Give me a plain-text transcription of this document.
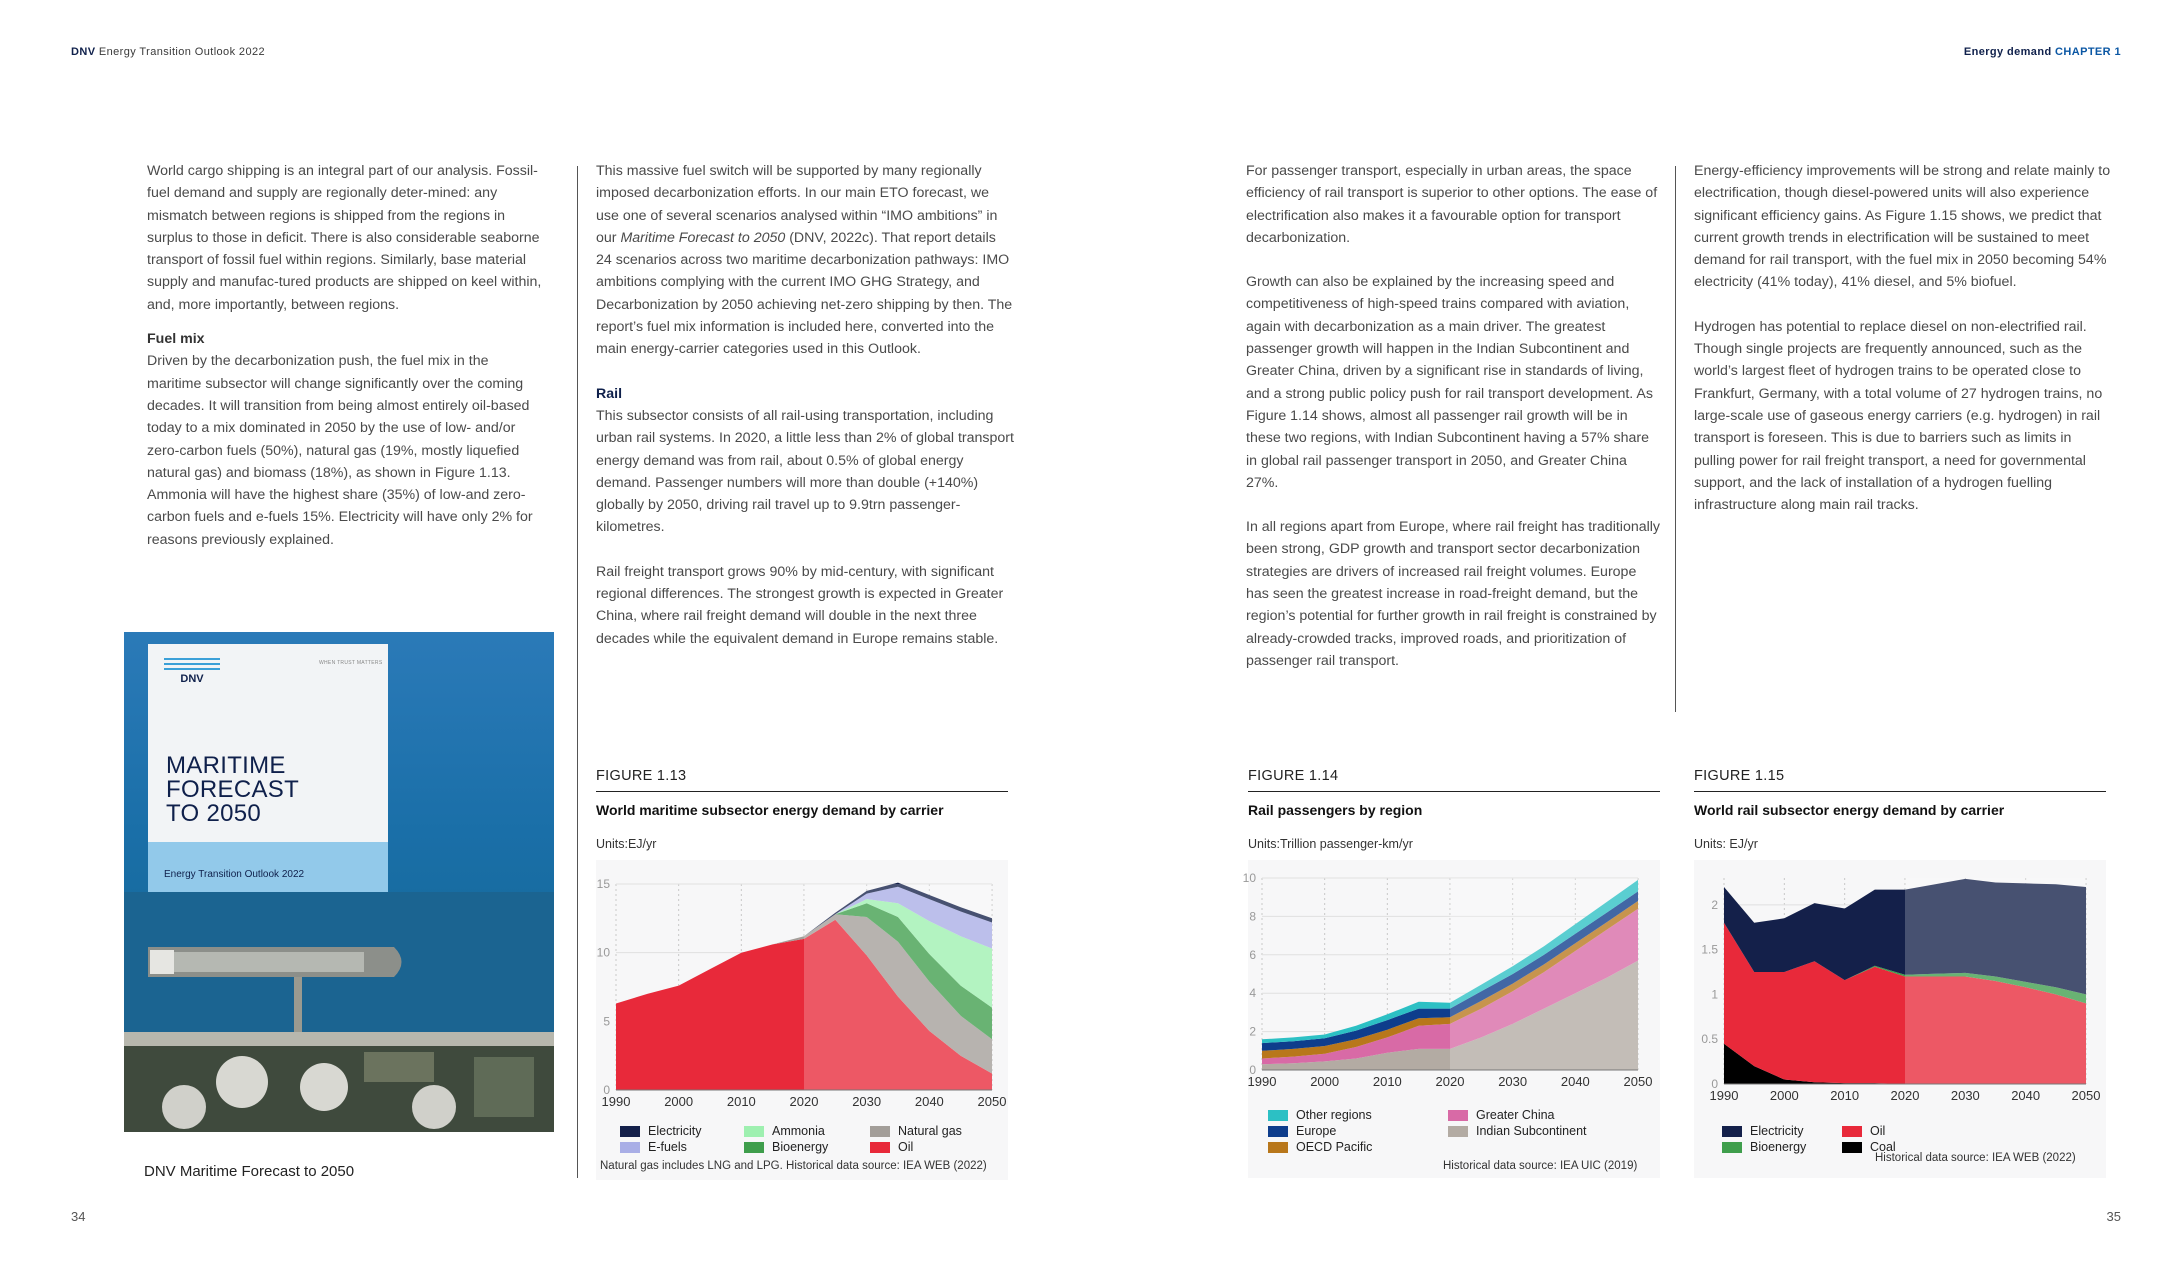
DNV Energy Transition Outlook 2022	Energy demand CHAPTER 1

World cargo shipping is an integral part of our analysis. Fossil-fuel demand and supply are regionally deter-mined: any mismatch between regions is shipped from the regions in surplus to those in deficit. There is also considerable seaborne transport of fossil fuel within regions. Similarly, base material supply and manufac-tured products are shipped on keel within, and, more importantly, between regions.

Fuel mix

Driven by the decarbonization push, the fuel mix in the maritime subsector will change significantly over the coming decades. It will transition from being almost entirely oil-based today to a mix dominated in 2050 by the use of low- and/or zero-carbon fuels (50%), natural gas (19%, mostly liquefied natural gas) and biomass (18%), as shown in Figure 1.13. Ammonia will have the highest share (35%) of low-and zero-carbon fuels and e-fuels 15%. Electricity will have only 2% for reasons previously explained.

DNV
WHEN TRUST MATTERS
MARITIME
FORECAST
TO 2050
Energy Transition Outlook 2022
DNV Maritime Forecast to 2050

This massive fuel switch will be supported by many regionally imposed decarbonization efforts. In our main ETO forecast, we use one of several scenarios analysed within “IMO ambitions” in our Maritime Forecast to 2050 (DNV, 2022c). That report details 24 scenarios across two maritime decarbonization pathways: IMO ambitions complying with the current IMO GHG Strategy, and Decarbonization by 2050 achieving net-zero shipping by then. The report’s fuel mix information is included here, converted into the main energy-carrier categories used in this Outlook.

Rail

This subsector consists of all rail-using transportation, including urban rail systems. In 2020, a little less than 2% of global transport energy demand was from rail, about 0.5% of global energy demand. Passenger numbers will more than double (+140%) globally by 2050, driving rail travel up to 9.9trn passenger-kilometres.

Rail freight transport grows 90% by mid-century, with significant regional differences. The strongest growth is expected in Greater China, where rail freight demand will double in the next three decades while the equivalent demand in Europe remains stable.

For passenger transport, especially in urban areas, the space efficiency of rail transport is superior to other options. The ease of electrification also makes it a favourable option for transport decarbonization.

Growth can also be explained by the increasing speed and competitiveness of high-speed trains compared with aviation, again with decarbonization as a main driver. The greatest passenger growth will happen in the Indian Subcontinent and Greater China, driven by a significant rise in standards of living, and a strong public policy push for rail transport development. As Figure 1.14 shows, almost all passenger rail growth will be in these two regions, with Indian Subcontinent having a 57% share in global rail passenger transport in 2050, and Greater China 27%.

In all regions apart from Europe, where rail freight has traditionally been strong, GDP growth and transport sector decarbonization strategies are drivers of increased rail freight volumes. Europe has seen the greatest increase in road-freight demand, but the region’s potential for further growth in rail freight is constrained by already-crowded tracks, improved roads, and prioritization of passenger rail transport.

Energy-efficiency improvements will be strong and relate mainly to electrification, though diesel-powered units will also experience significant efficiency gains. As Figure 1.15 shows, we predict that current growth trends in electrification will be sustained to meet demand for rail transport, with the fuel mix in 2050 becoming 54% electricity (41% today), 41% diesel, and 5% biofuel.

Hydrogen has potential to replace diesel on non-electrified rail. Though single projects are frequently announced, such as the world’s largest fleet of hydrogen trains to be operated close to Frankfurt, Germany, with a total volume of 27 hydrogen trains, no large-scale use of gaseous energy carriers (e.g. hydrogen) in rail transport is foreseen. This is due to barriers such as limits in pulling power for rail freight transport, a need for governmental support, and the lack of installation of a hydrogen fuelling infrastructure along main rail tracks.

FIGURE 1.13
World maritime subsector energy demand by carrier
Units:EJ/yr
1990	2000	2010	2020	2030	2040	2050
0
5
10
15
Electricity
E-fuels
Ammonia
Bioenergy
Natural gas
Oil
Natural gas includes LNG and LPG. Historical data source: IEA WEB (2022)
FIGURE 1.14
Rail passengers by region
Units:Trillion passenger-km/yr
1990	2000	2010	2020	2030	2040	2050
0
2
4
6
8
10
Other regions
Europe
OECD Pacific
Greater China
Indian Subcontinent
Historical data source: IEA UIC (2019)
FIGURE 1.15
World rail subsector energy demand by carrier
Units: EJ/yr
1990 2000 2010 2020 2030 2040 2050
0
0.5
1
1.5
2
Electricity
Bioenergy
Oil
Coal
Historical data source: IEA WEB (2022)
34	35
